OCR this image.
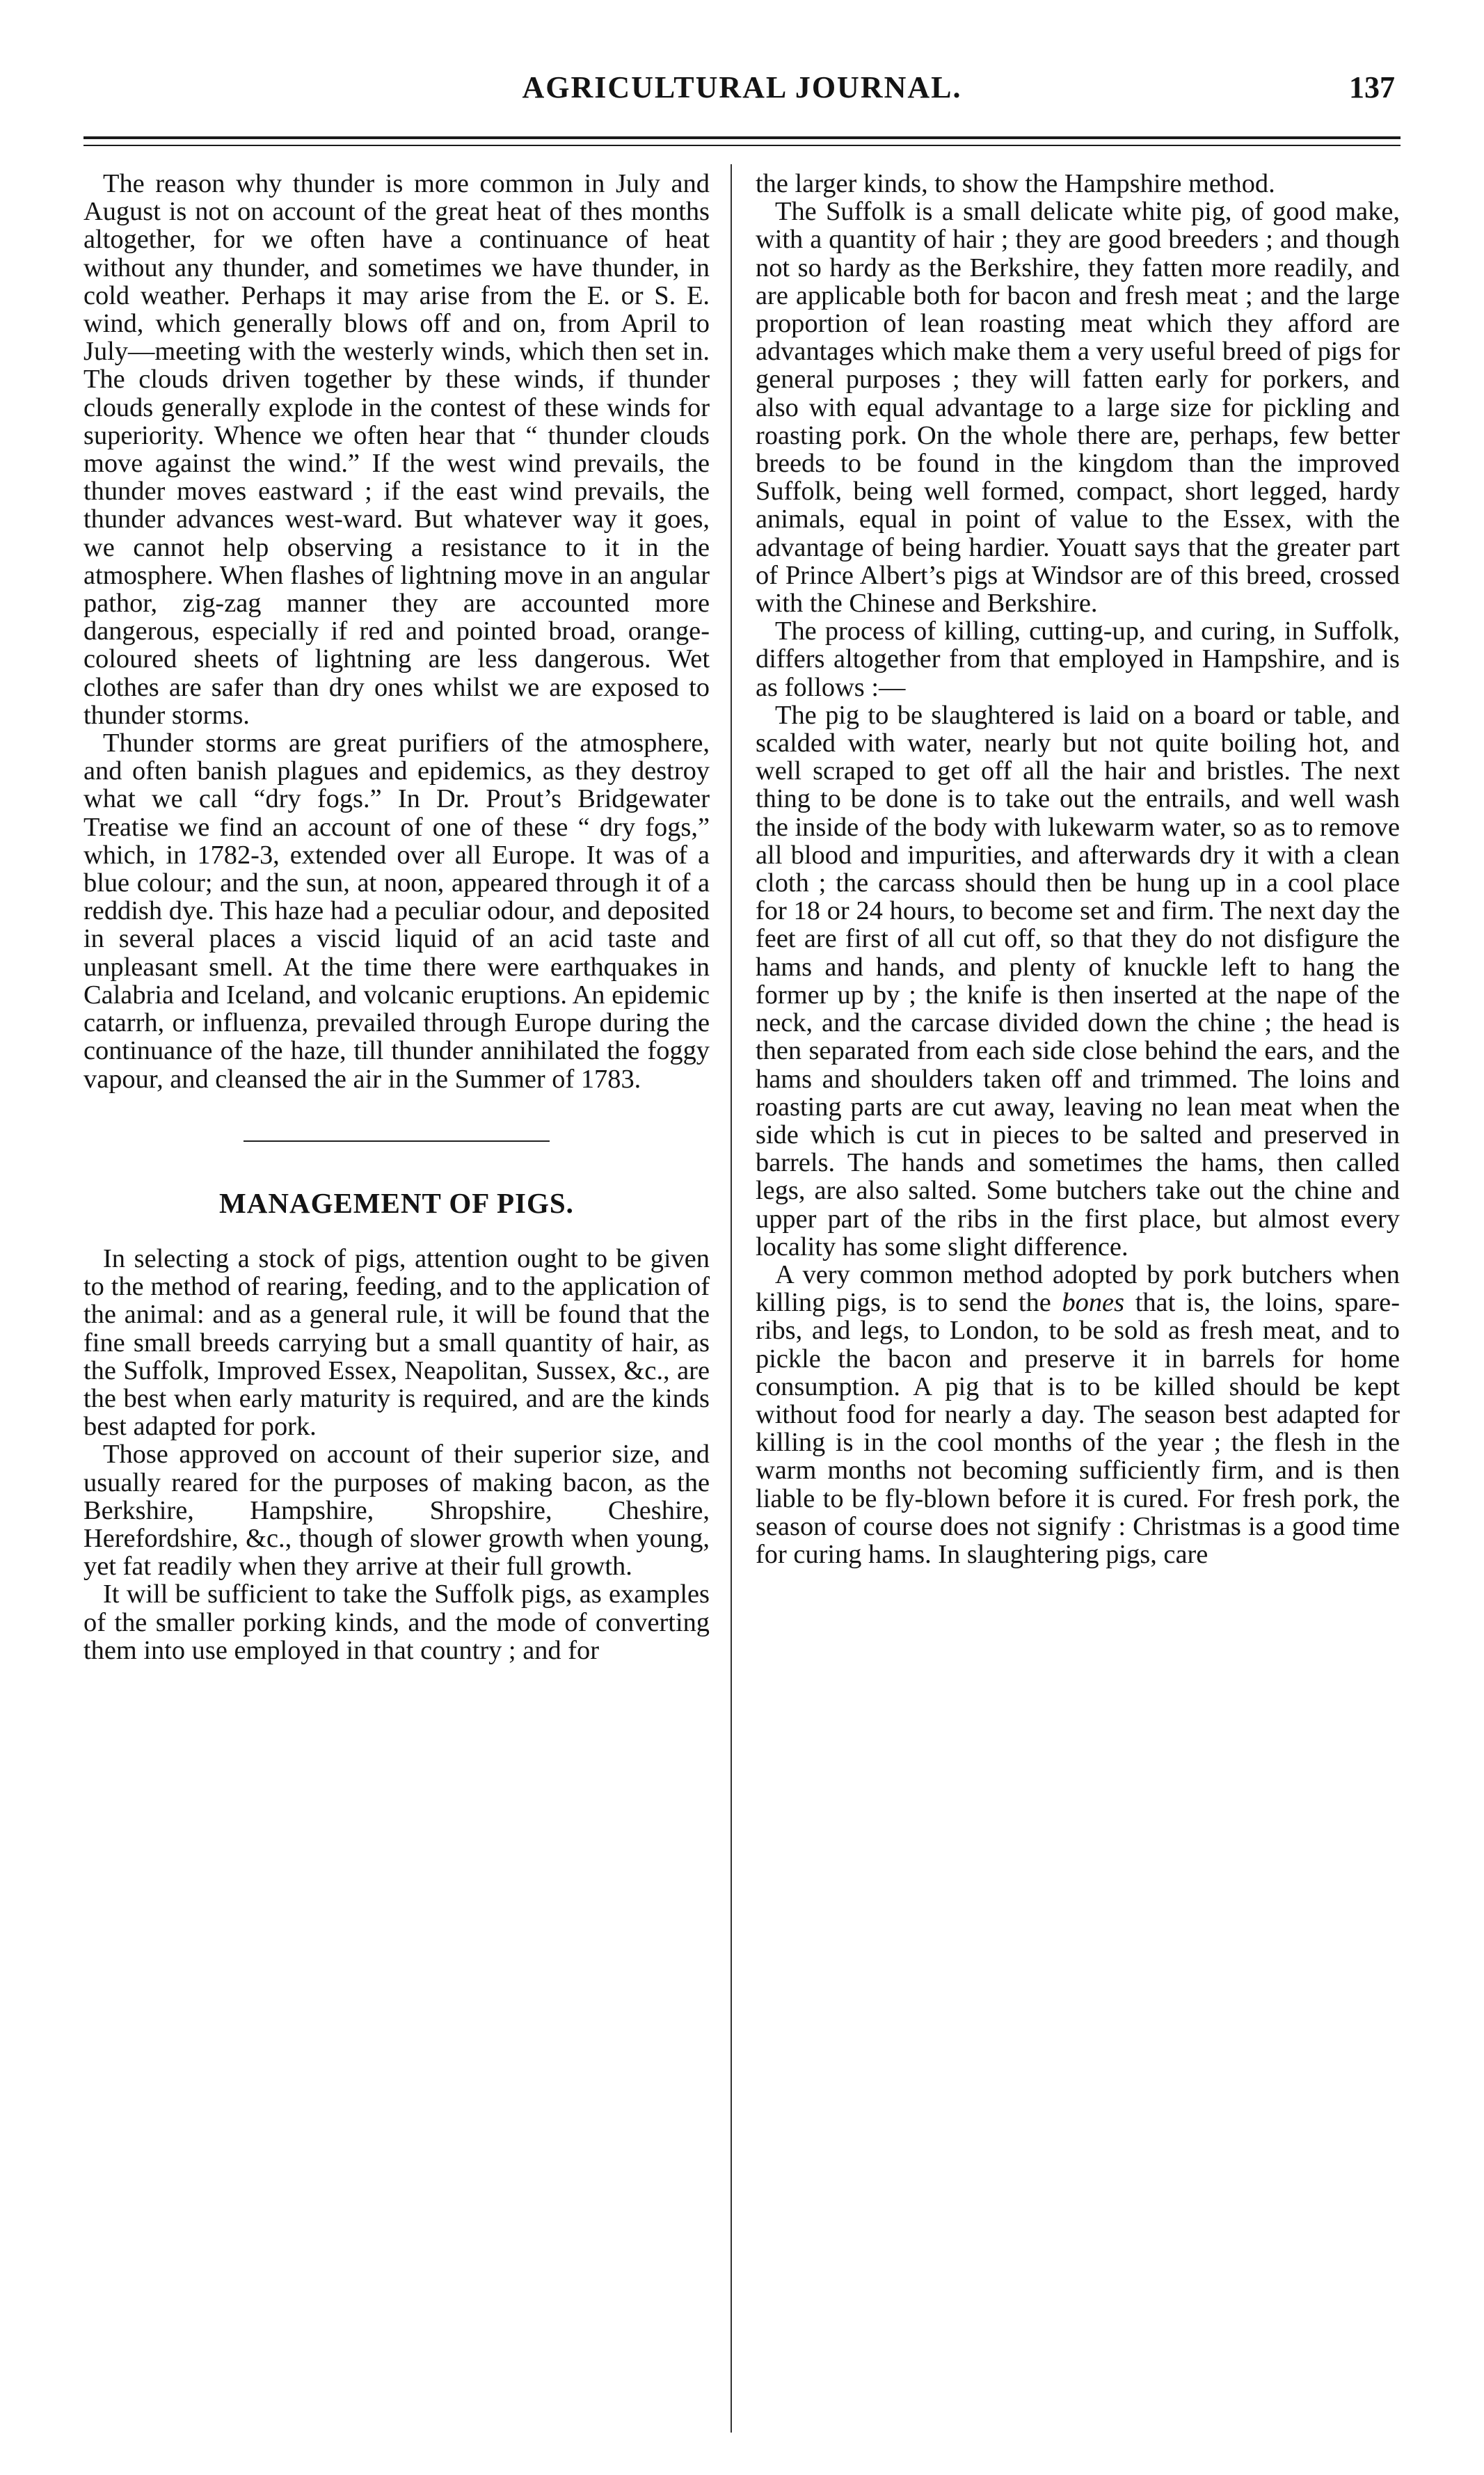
AGRICULTURAL JOURNAL.	137

The reason why thunder is more common in July and August is not on account of the great heat of thes months altogether, for we often have a continuance of heat without any thunder, and sometimes we have thunder, in cold weather. Perhaps it may arise from the E. or S. E. wind, which generally blows off and on, from April to July—meeting with the westerly winds, which then set in. The clouds driven together by these winds, if thunder clouds generally explode in the contest of these winds for superiority. Whence we often hear that “ thunder clouds move against the wind.” If the west wind prevails, the thunder moves eastward ; if the east wind prevails, the thunder advances west-ward. But whatever way it goes, we cannot help observing a resistance to it in the atmosphere. When flashes of lightning move in an angular pathor, zig-zag manner they are accounted more dangerous, especially if red and pointed broad, orange-coloured sheets of lightning are less dangerous. Wet clothes are safer than dry ones whilst we are exposed to thunder storms.

Thunder storms are great purifiers of the atmosphere, and often banish plagues and epidemics, as they destroy what we call “dry fogs.” In Dr. Prout’s Bridgewater Treatise we find an account of one of these “ dry fogs,” which, in 1782-3, extended over all Europe. It was of a blue colour; and the sun, at noon, appeared through it of a reddish dye. This haze had a peculiar odour, and deposited in several places a viscid liquid of an acid taste and unpleasant smell. At the time there were earthquakes in Calabria and Iceland, and volcanic eruptions. An epidemic catarrh, or influenza, prevailed through Europe during the continuance of the haze, till thunder annihilated the foggy vapour, and cleansed the air in the Summer of 1783.

MANAGEMENT OF PIGS.

In selecting a stock of pigs, attention ought to be given to the method of rearing, feeding, and to the application of the animal: and as a general rule, it will be found that the fine small breeds carrying but a small quantity of hair, as the Suffolk, Improved Essex, Neapolitan, Sussex, &c., are the best when early maturity is required, and are the kinds best adapted for pork.

Those approved on account of their superior size, and usually reared for the purposes of making bacon, as the Berkshire, Hampshire, Shropshire, Cheshire, Herefordshire, &c., though of slower growth when young, yet fat readily when they arrive at their full growth.

It will be sufficient to take the Suffolk pigs, as examples of the smaller porking kinds, and the mode of converting them into use employed in that country ; and for

the larger kinds, to show the Hampshire method.

The Suffolk is a small delicate white pig, of good make, with a quantity of hair ; they are good breeders ; and though not so hardy as the Berkshire, they fatten more readily, and are applicable both for bacon and fresh meat ; and the large proportion of lean roasting meat which they afford are advantages which make them a very useful breed of pigs for general purposes ; they will fatten early for porkers, and also with equal advantage to a large size for pickling and roasting pork. On the whole there are, perhaps, few better breeds to be found in the kingdom than the improved Suffolk, being well formed, compact, short legged, hardy animals, equal in point of value to the Essex, with the advantage of being hardier. Youatt says that the greater part of Prince Albert’s pigs at Windsor are of this breed, crossed with the Chinese and Berkshire.

The process of killing, cutting-up, and curing, in Suffolk, differs altogether from that employed in Hampshire, and is as follows :—

The pig to be slaughtered is laid on a board or table, and scalded with water, nearly but not quite boiling hot, and well scraped to get off all the hair and bristles. The next thing to be done is to take out the entrails, and well wash the inside of the body with lukewarm water, so as to remove all blood and impurities, and afterwards dry it with a clean cloth ; the carcass should then be hung up in a cool place for 18 or 24 hours, to become set and firm. The next day the feet are first of all cut off, so that they do not disfigure the hams and hands, and plenty of knuckle left to hang the former up by ; the knife is then inserted at the nape of the neck, and the carcase divided down the chine ; the head is then separated from each side close behind the ears, and the hams and shoulders taken off and trimmed. The loins and roasting parts are cut away, leaving no lean meat when the side which is cut in pieces to be salted and preserved in barrels. The hands and sometimes the hams, then called legs, are also salted. Some butchers take out the chine and upper part of the ribs in the first place, but almost every locality has some slight difference.

A very common method adopted by pork butchers when killing pigs, is to send the bones that is, the loins, spare-ribs, and legs, to London, to be sold as fresh meat, and to pickle the bacon and preserve it in barrels for home consumption. A pig that is to be killed should be kept without food for nearly a day. The season best adapted for killing is in the cool months of the year ; the flesh in the warm months not becoming sufficiently firm, and is then liable to be fly-blown before it is cured. For fresh pork, the season of course does not signify : Christmas is a good time for curing hams. In slaughtering pigs, care
